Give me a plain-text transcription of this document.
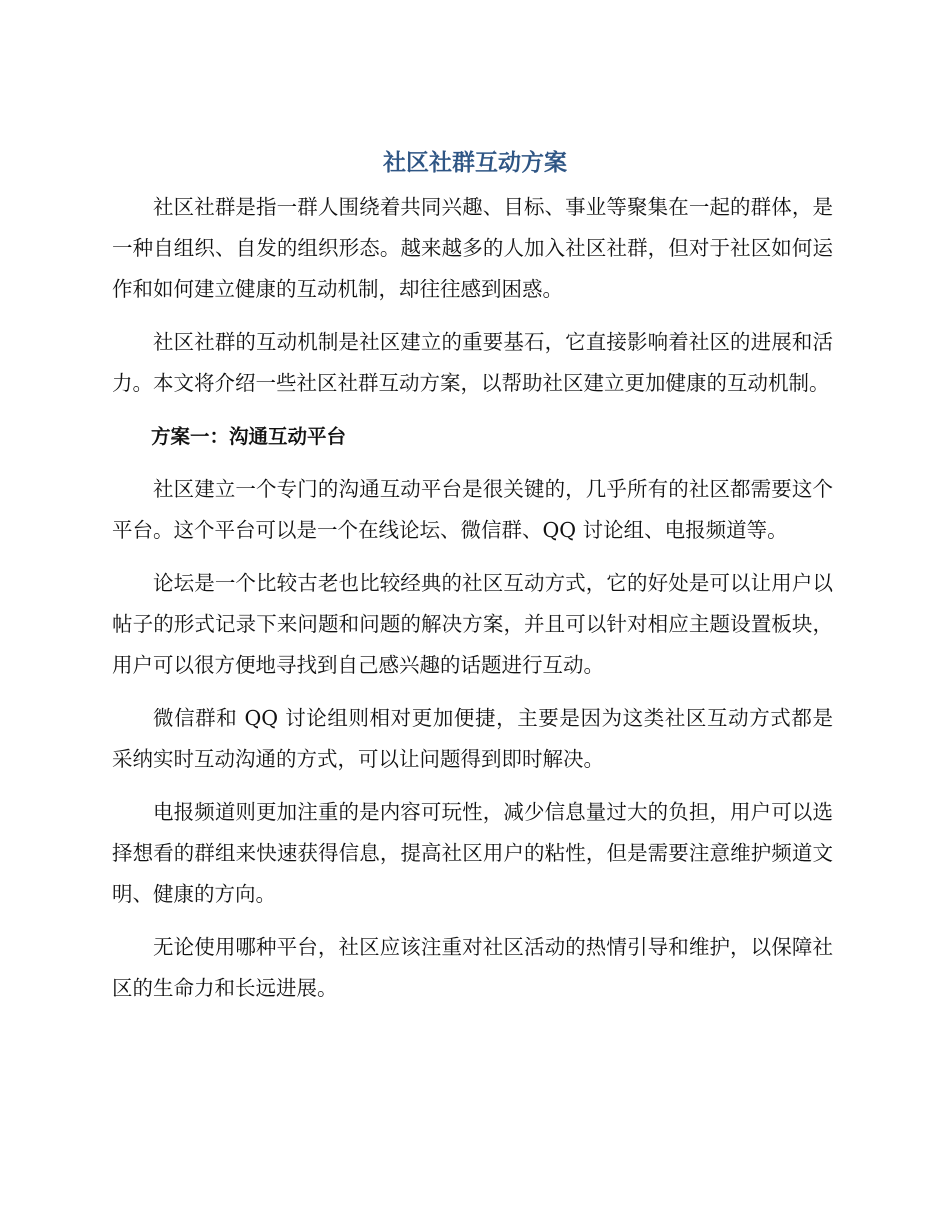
社区社群互动方案

社区社群是指一群人围绕着共同兴趣、目标、事业等聚集在一起的群体，是一种自组织、自发的组织形态。越来越多的人加入社区社群，但对于社区如何运作和如何建立健康的互动机制，却往往感到困惑。

社区社群的互动机制是社区建立的重要基石，它直接影响着社区的进展和活力。本文将介绍一些社区社群互动方案，以帮助社区建立更加健康的互动机制。

方案一：沟通互动平台

社区建立一个专门的沟通互动平台是很关键的，几乎所有的社区都需要这个平台。这个平台可以是一个在线论坛、微信群、QQ 讨论组、电报频道等。

论坛是一个比较古老也比较经典的社区互动方式，它的好处是可以让用户以帖子的形式记录下来问题和问题的解决方案，并且可以针对相应主题设置板块，用户可以很方便地寻找到自己感兴趣的话题进行互动。

微信群和 QQ 讨论组则相对更加便捷，主要是因为这类社区互动方式都是采纳实时互动沟通的方式，可以让问题得到即时解决。

电报频道则更加注重的是内容可玩性，减少信息量过大的负担，用户可以选择想看的群组来快速获得信息，提高社区用户的粘性，但是需要注意维护频道文明、健康的方向。

无论使用哪种平台，社区应该注重对社区活动的热情引导和维护，以保障社区的生命力和长远进展。
